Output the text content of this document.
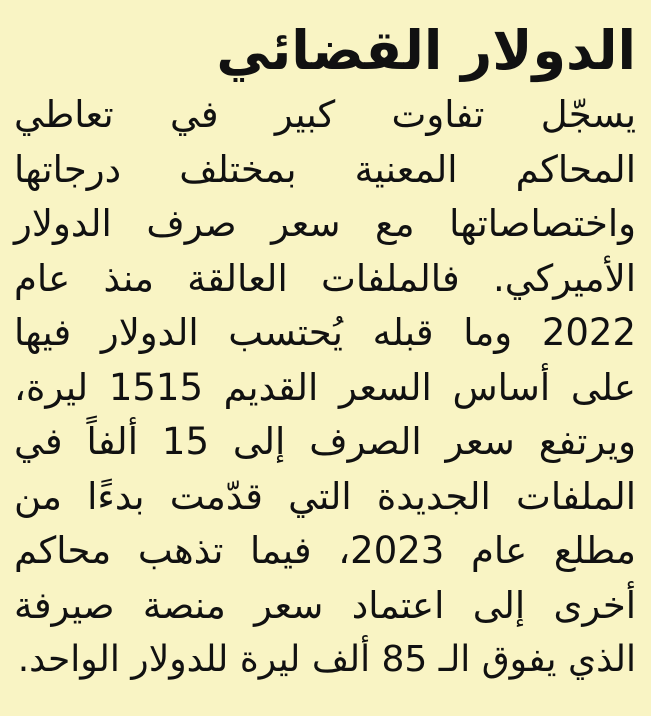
الدولار القضائي
يسجّل تفاوت كبير في تعاطي
المحاكم المعنية بمختلف درجاتها
واختصاصاتها مع سعر صرف الدولار
الأميركي. فالملفات العالقة منذ عام
2022 وما قبله يُحتسب الدولار فيها
على أساس السعر القديم 1515 ليرة،
ويرتفع سعر الصرف إلى 15 ألفاً في
الملفات الجديدة التي قدّمت بدءًا من
مطلع عام 2023، فيما تذهب محاكم
أخرى إلى اعتماد سعر منصة صيرفة
الذي يفوق الـ 85 ألف ليرة للدولار الواحد.
